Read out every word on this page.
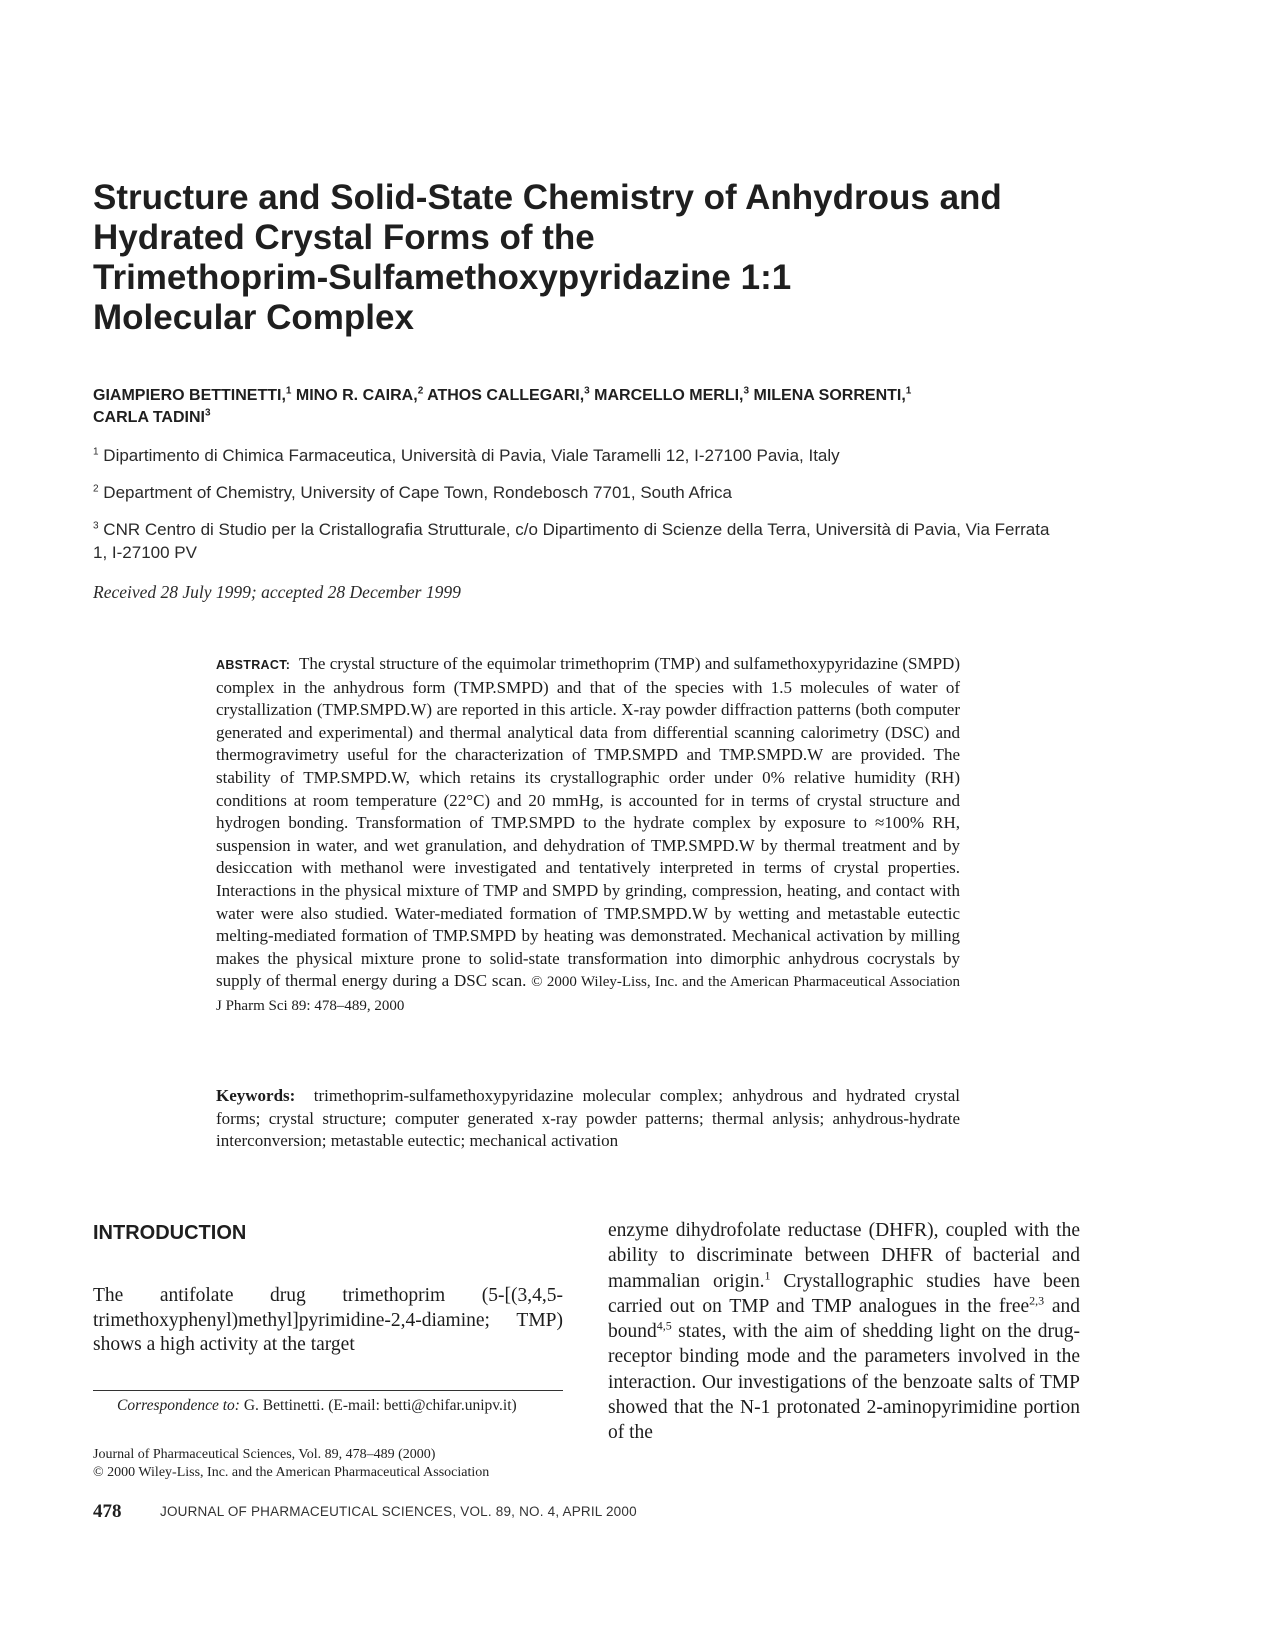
Structure and Solid-State Chemistry of Anhydrous and
Hydrated Crystal Forms of the
Trimethoprim-Sulfamethoxypyridazine 1:1
Molecular Complex
GIAMPIERO BETTINETTI,$^1$ MINO R. CAIRA,$^2$ ATHOS CALLEGARI,$^3$ MARCELLO MERLI,$^3$ MILENA SORRENTI,$^1$
CARLA TADINI$^3$
$^1$ Dipartimento di Chimica Farmaceutica, Università di Pavia, Viale Taramelli 12, I-27100 Pavia, Italy
$^2$ Department of Chemistry, University of Cape Town, Rondebosch 7701, South Africa
$^3$ CNR Centro di Studio per la Cristallografia Strutturale, c/o Dipartimento di Scienze della Terra, Università di Pavia, Via Ferrata 1, I-27100 PV
Received 28 July 1999; accepted 28 December 1999
ABSTRACT: The crystal structure of the equimolar trimethoprim (TMP) and sulfamethoxypyridazine (SMPD) complex in the anhydrous form (TMP.SMPD) and that of the species with 1.5 molecules of water of crystallization (TMP.SMPD.W) are reported in this article. X-ray powder diffraction patterns (both computer generated and experimental) and thermal analytical data from differential scanning calorimetry (DSC) and thermogravimetry useful for the characterization of TMP.SMPD and TMP.SMPD.W are provided. The stability of TMP.SMPD.W, which retains its crystallographic order under 0% relative humidity (RH) conditions at room temperature (22°C) and 20 mmHg, is accounted for in terms of crystal structure and hydrogen bonding. Transformation of TMP.SMPD to the hydrate complex by exposure to ≈100% RH, suspension in water, and wet granulation, and dehydration of TMP.SMPD.W by thermal treatment and by desiccation with methanol were investigated and tentatively interpreted in terms of crystal properties. Interactions in the physical mixture of TMP and SMPD by grinding, compression, heating, and contact with water were also studied. Water-mediated formation of TMP.SMPD.W by wetting and metastable eutectic melting-mediated formation of TMP.SMPD by heating was demonstrated. Mechanical activation by milling makes the physical mixture prone to solid-state transformation into dimorphic anhydrous cocrystals by supply of thermal energy during a DSC scan. © 2000 Wiley-Liss, Inc. and the American Pharmaceutical Association J Pharm Sci 89: 478–489, 2000
Keywords: trimethoprim-sulfamethoxypyridazine molecular complex; anhydrous and hydrated crystal forms; crystal structure; computer generated x-ray powder patterns; thermal anlysis; anhydrous-hydrate interconversion; metastable eutectic; mechanical activation
INTRODUCTION
The antifolate drug trimethoprim (5-[(3,4,5-trimethoxyphenyl)methyl]pyrimidine-2,4-diamine; TMP) shows a high activity at the target
enzyme dihydrofolate reductase (DHFR), coupled with the ability to discriminate between DHFR of bacterial and mammalian origin.$^1$ Crystallographic studies have been carried out on TMP and TMP analogues in the free$^{2,3}$ and bound$^{4,5}$ states, with the aim of shedding light on the drug-receptor binding mode and the parameters involved in the interaction. Our investigations of the benzoate salts of TMP showed that the N-1 protonated 2-aminopyrimidine portion of the
Correspondence to: G. Bettinetti. (E-mail: betti@chifar.unipv.it)
Journal of Pharmaceutical Sciences, Vol. 89, 478–489 (2000)
© 2000 Wiley-Liss, Inc. and the American Pharmaceutical Association
478	JOURNAL OF PHARMACEUTICAL SCIENCES, VOL. 89, NO. 4, APRIL 2000
